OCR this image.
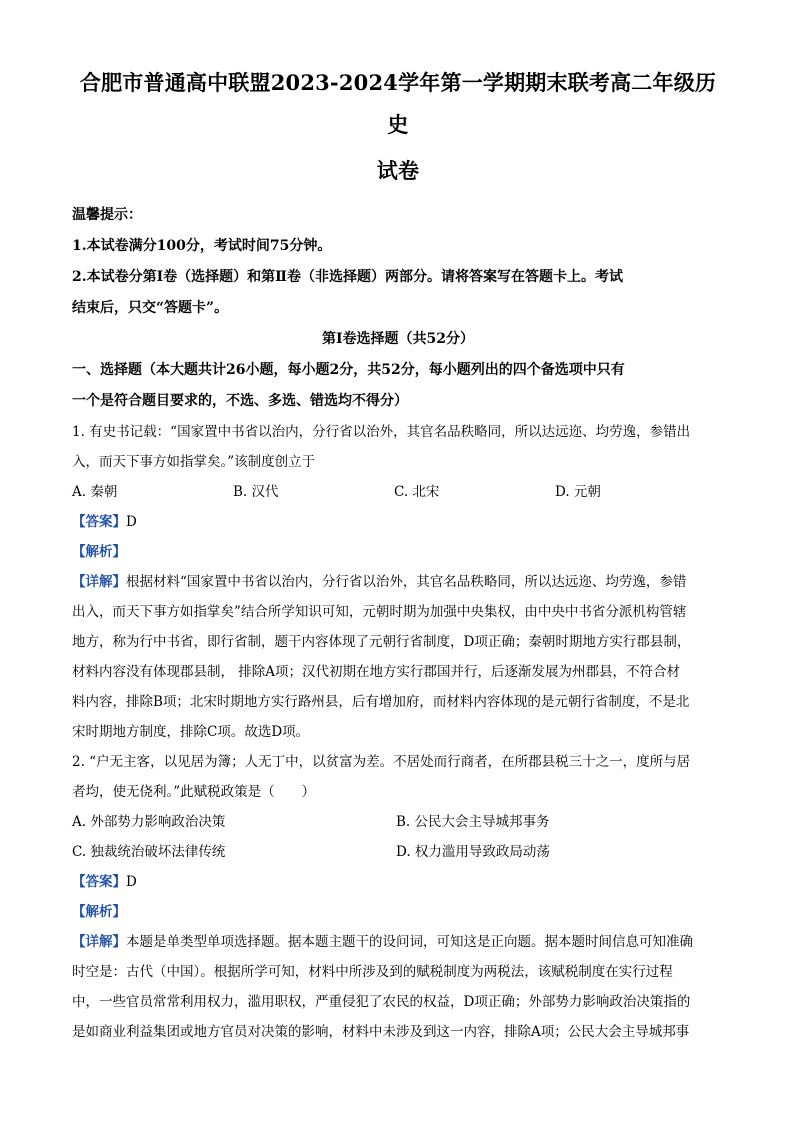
合肥市普通高中联盟2023-2024学年第一学期期末联考高二年级历史
试卷
温馨提示：
1.本试卷满分100分，考试时间75分钟。
2.本试卷分第Ⅰ卷（选择题）和第Ⅱ卷（非选择题）两部分。请将答案写在答题卡上。考试
结束后，只交“答题卡”。
第Ⅰ卷选择题（共52分）
一、选择题（本大题共计26小题，每小题2分，共52分，每小题列出的四个备选项中只有
一个是符合题目要求的，不选、多选、错选均不得分）
1. 有史书记载：“国家置中书省以治内，分行省以治外，其官名品秩略同，所以达远迩、均劳逸，参错出
入，而天下事方如指掌矣。”该制度创立于
A. 秦朝	B. 汉代	C. 北宋	D. 元朝
【答案】D
【解析】
【详解】根据材料“国家置中书省以治内，分行省以治外，其官名品秩略同，所以达远迩、均劳逸，参错
出入，而天下事方如指掌矣”结合所学知识可知，元朝时期为加强中央集权，由中央中书省分派机构管辖
地方，称为行中书省，即行省制，题干内容体现了元朝行省制度，D项正确；秦朝时期地方实行郡县制，
材料内容没有体现郡县制， 排除A项；汉代初期在地方实行郡国并行，后逐渐发展为州郡县，不符合材
料内容，排除B项；北宋时期地方实行路州县，后有增加府，而材料内容体现的是元朝行省制度，不是北
宋时期地方制度，排除C项。故选D项。
2. “户无主客，以见居为簿；人无丁中，以贫富为差。不居处而行商者，在所郡县税三十之一，度所与居
者均，使无侥利。”此赋税政策是（　　）
A. 外部势力影响政治决策	B. 公民大会主导城邦事务
C. 独裁统治破坏法律传统	D. 权力滥用导致政局动荡
【答案】D
【解析】
【详解】本题是单类型单项选择题。据本题主题干的设问词，可知这是正向题。据本题时间信息可知准确
时空是：古代（中国）。根据所学可知，材料中所涉及到的赋税制度为两税法，该赋税制度在实行过程
中，一些官员常常利用权力，滥用职权，严重侵犯了农民的权益，D项正确；外部势力影响政治决策指的
是如商业利益集团或地方官员对决策的影响，材料中未涉及到这一内容，排除A项；公民大会主导城邦事
